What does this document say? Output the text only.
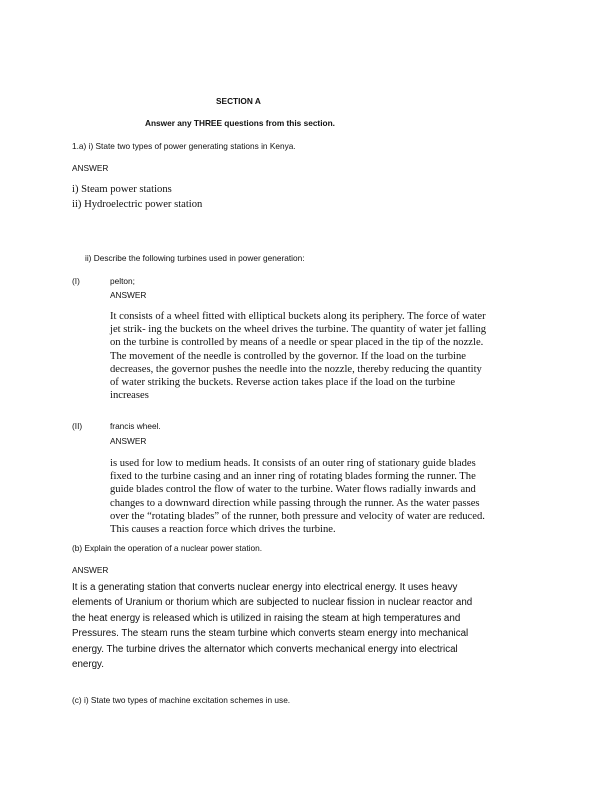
SECTION A
Answer any THREE questions from this section.
1.a) i) State two types of power generating stations in Kenya.
ANSWER
i) Steam power stations
ii) Hydroelectric power station
ii) Describe the following turbines used in power generation:
(I)	pelton;
ANSWER
It consists of a wheel fitted with elliptical buckets along its periphery. The force of water
jet strik- ing the buckets on the wheel drives the turbine. The quantity of water jet falling
on the turbine is controlled by means of a needle or spear placed in the tip of the nozzle.
The movement of the needle is controlled by the governor. If the load on the turbine
decreases, the governor pushes the needle into the nozzle, thereby reducing the quantity
of water striking the buckets. Reverse action takes place if the load on the turbine
increases
(II)	francis wheel.
ANSWER
is used for low to medium heads. It consists of an outer ring of stationary guide blades
fixed to the turbine casing and an inner ring of rotating blades forming the runner. The
guide blades control the flow of water to the turbine. Water flows radially inwards and
changes to a downward direction while passing through the runner. As the water passes
over the “rotating blades” of the runner, both pressure and velocity of water are reduced.
This causes a reaction force which drives the turbine.
(b) Explain the operation of a nuclear power station.
ANSWER
It is a generating station that converts nuclear energy into electrical energy. It uses heavy
elements of Uranium or thorium which are subjected to nuclear fission in nuclear reactor and
the heat energy is released which is utilized in raising the steam at high temperatures and
Pressures. The steam runs the steam turbine which converts steam energy into mechanical
energy. The turbine drives the alternator which converts mechanical energy into electrical
energy.
(c) i) State two types of machine excitation schemes in use.
